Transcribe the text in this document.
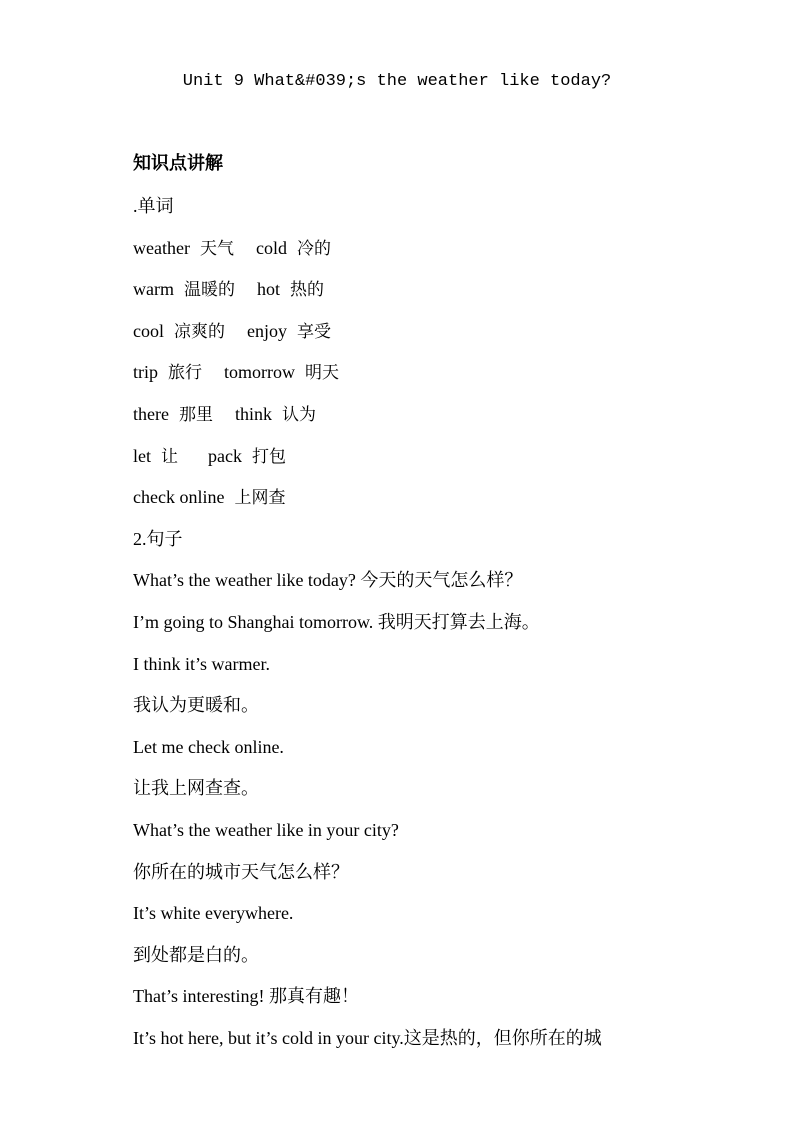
Unit 9 What&#039;s the weather like today?
知识点讲解
.单词
weather 天气 cold 冷的
warm 温暖的 hot 热的
cool 凉爽的 enjoy 享受
trip 旅行 tomorrow 明天
there 那里 think 认为
let 让 pack 打包
check online 上网查
2.句子
What’s the weather like today? 今天的天气怎么样？
I’m going to Shanghai tomorrow. 我明天打算去上海。
I think it’s warmer.
我认为更暖和。
Let me check online.
让我上网查查。
What’s the weather like in your city?
你所在的城市天气怎么样？
It’s white everywhere.
到处都是白的。
That’s interesting! 那真有趣！
It’s hot here, but it’s cold in your city.这是热的，但你所在的城
